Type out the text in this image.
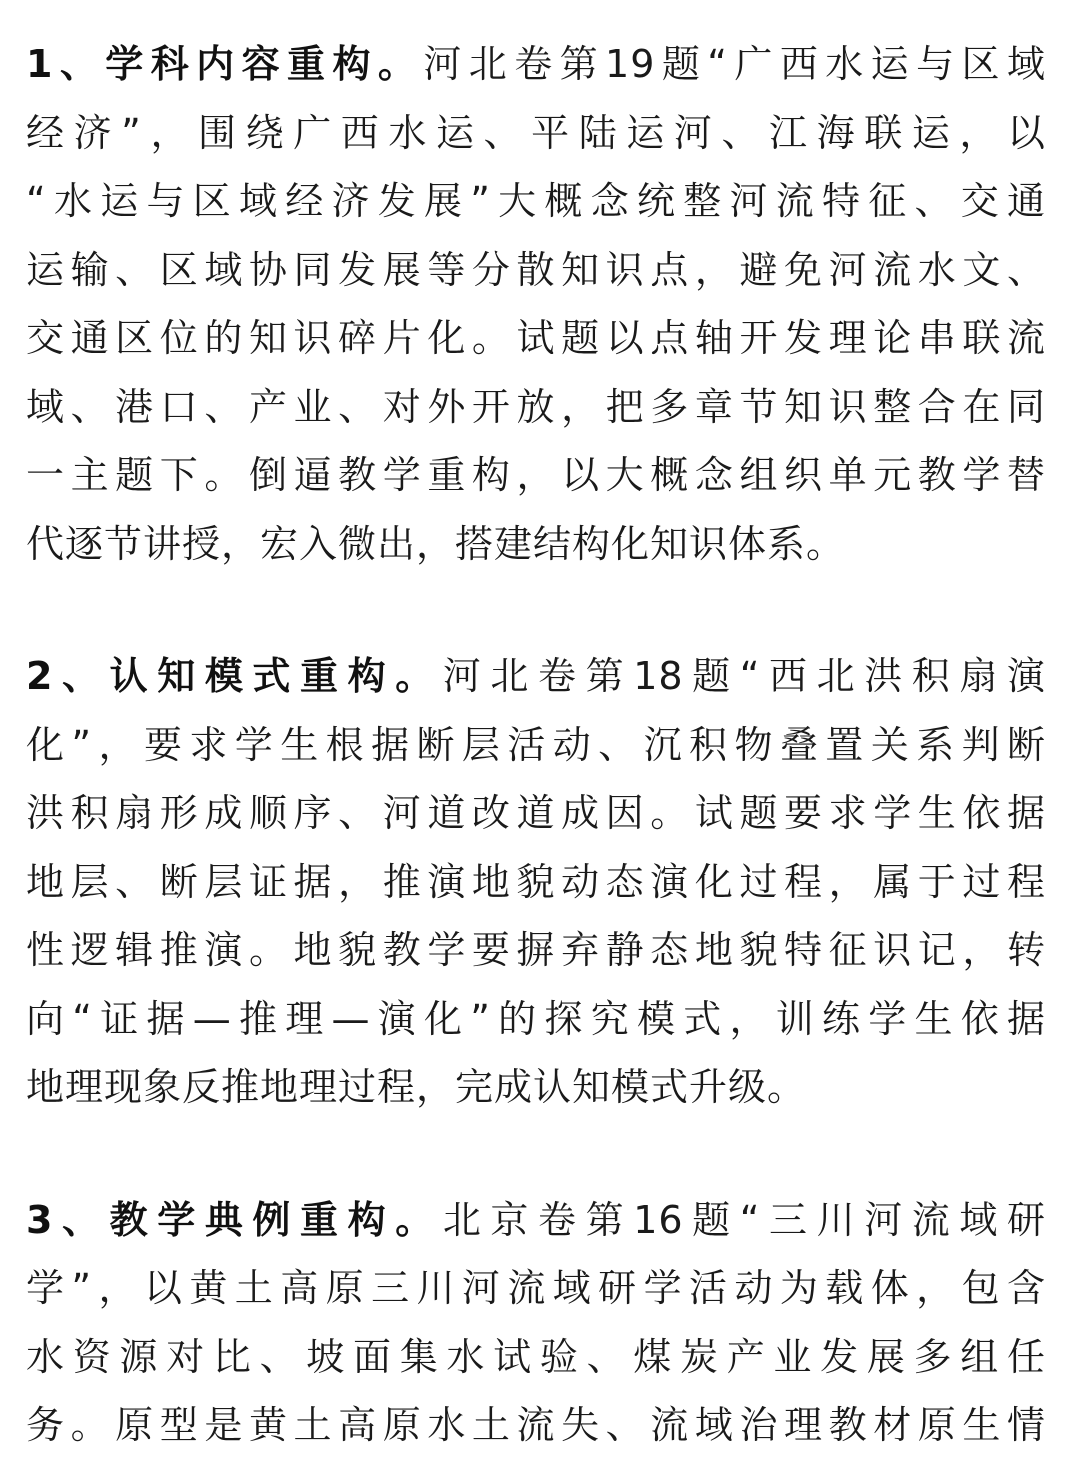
1、学科内容重构。河北卷第19题“广西水运与区域
经济”，围绕广西水运、平陆运河、江海联运，以
“水运与区域经济发展”大概念统整河流特征、交通
运输、区域协同发展等分散知识点，避免河流水文、
交通区位的知识碎片化。试题以点轴开发理论串联流
域、港口、产业、对外开放，把多章节知识整合在同
一主题下。倒逼教学重构，以大概念组织单元教学替
代逐节讲授，宏入微出，搭建结构化知识体系。
2、认知模式重构。河北卷第18题“西北洪积扇演
化”，要求学生根据断层活动、沉积物叠置关系判断
洪积扇形成顺序、河道改道成因。试题要求学生依据
地层、断层证据，推演地貌动态演化过程，属于过程
性逻辑推演。地貌教学要摒弃静态地貌特征识记，转
向“证据—推理—演化”的探究模式，训练学生依据
地理现象反推地理过程，完成认知模式升级。
3、教学典例重构。北京卷第16题“三川河流域研
学”，以黄土高原三川河流域研学活动为载体，包含
水资源对比、坡面集水试验、煤炭产业发展多组任
务。原型是黄土高原水土流失、流域治理教材原生情
